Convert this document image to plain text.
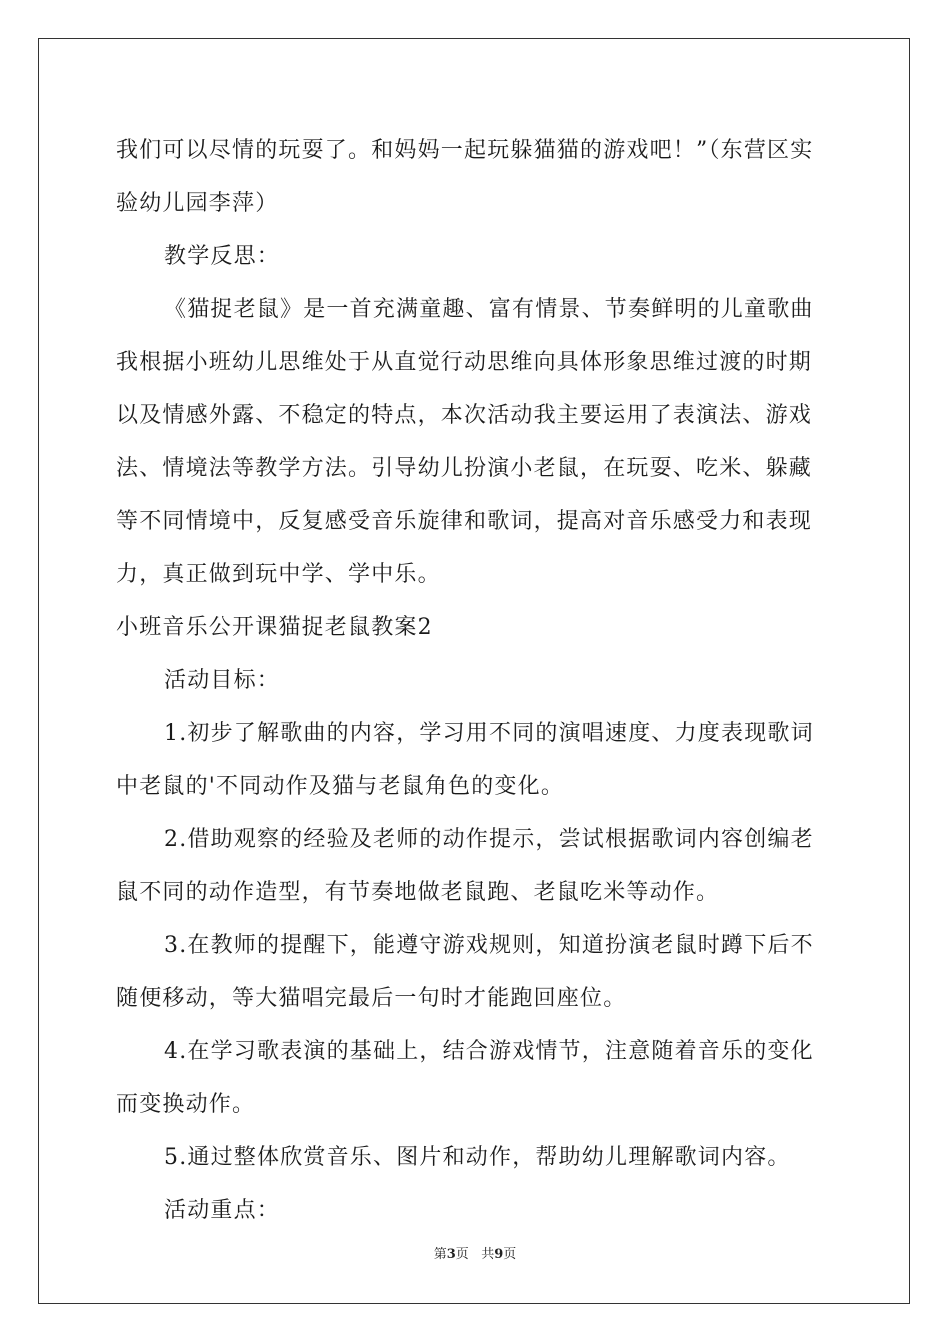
我们可以尽情的玩耍了。和妈妈一起玩躲猫猫的游戏吧！”（东营区实验幼儿园李萍）

教学反思：

《猫捉老鼠》是一首充满童趣、富有情景、节奏鲜明的儿童歌曲我根据小班幼儿思维处于从直觉行动思维向具体形象思维过渡的时期以及情感外露、不稳定的特点，本次活动我主要运用了表演法、游戏法、情境法等教学方法。引导幼儿扮演小老鼠，在玩耍、吃米、躲藏等不同情境中，反复感受音乐旋律和歌词，提高对音乐感受力和表现力，真正做到玩中学、学中乐。

小班音乐公开课猫捉老鼠教案2

活动目标：

1.初步了解歌曲的内容，学习用不同的演唱速度、力度表现歌词中老鼠的'不同动作及猫与老鼠角色的变化。

2.借助观察的经验及老师的动作提示，尝试根据歌词内容创编老鼠不同的动作造型，有节奏地做老鼠跑、老鼠吃米等动作。

3.在教师的提醒下，能遵守游戏规则，知道扮演老鼠时蹲下后不随便移动，等大猫唱完最后一句时才能跑回座位。

4.在学习歌表演的基础上，结合游戏情节，注意随着音乐的变化而变换动作。

5.通过整体欣赏音乐、图片和动作，帮助幼儿理解歌词内容。

活动重点：

第3页 共9页
